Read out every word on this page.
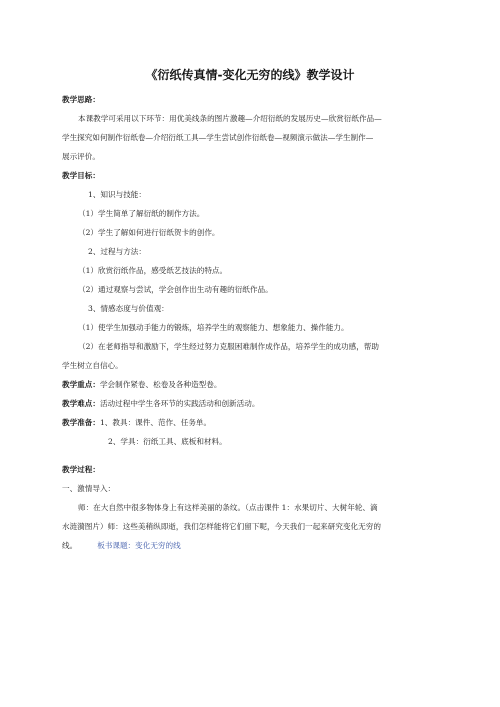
《衍纸传真情-变化无穷的线》教学设计
教学思路：
本课教学可采用以下环节：用优美线条的图片激趣—介绍衍纸的发展历史—欣赏衍纸作品—
学生探究如何制作衍纸卷—介绍衍纸工具—学生尝试创作衍纸卷—视频演示做法—学生制作—
展示评价。
教学目标：
1、知识与技能：
（1）学生简单了解衍纸的制作方法。
（2）学生了解如何进行衍纸贺卡的创作。
2、过程与方法：
（1）欣赏衍纸作品，感受纸艺技法的特点。
（2）通过观察与尝试，学会创作出生动有趣的衍纸作品。
3、情感态度与价值观：
（1）使学生加强动手能力的锻炼，培养学生的观察能力、想象能力、操作能力。
（2）在老师指导和激励下，学生经过努力克服困难制作成作品，培养学生的成功感，帮助
学生树立自信心。
教学重点：学会制作紧卷、松卷及各种造型卷。
教学难点：活动过程中学生各环节的实践活动和创新活动。
教学准备：1、教具：课件、范作、任务单。
2、学具：衍纸工具、底板和材料。
教学过程：
一、激情导入：
师：在大自然中很多物体身上有这样美丽的条纹。（点击课件 1：水果切片、大树年轮、滴
水涟漪图片）师：这些美稍纵即逝，我们怎样能将它们留下呢，今天我们一起来研究变化无穷的
线。	板书课题：变化无穷的线
